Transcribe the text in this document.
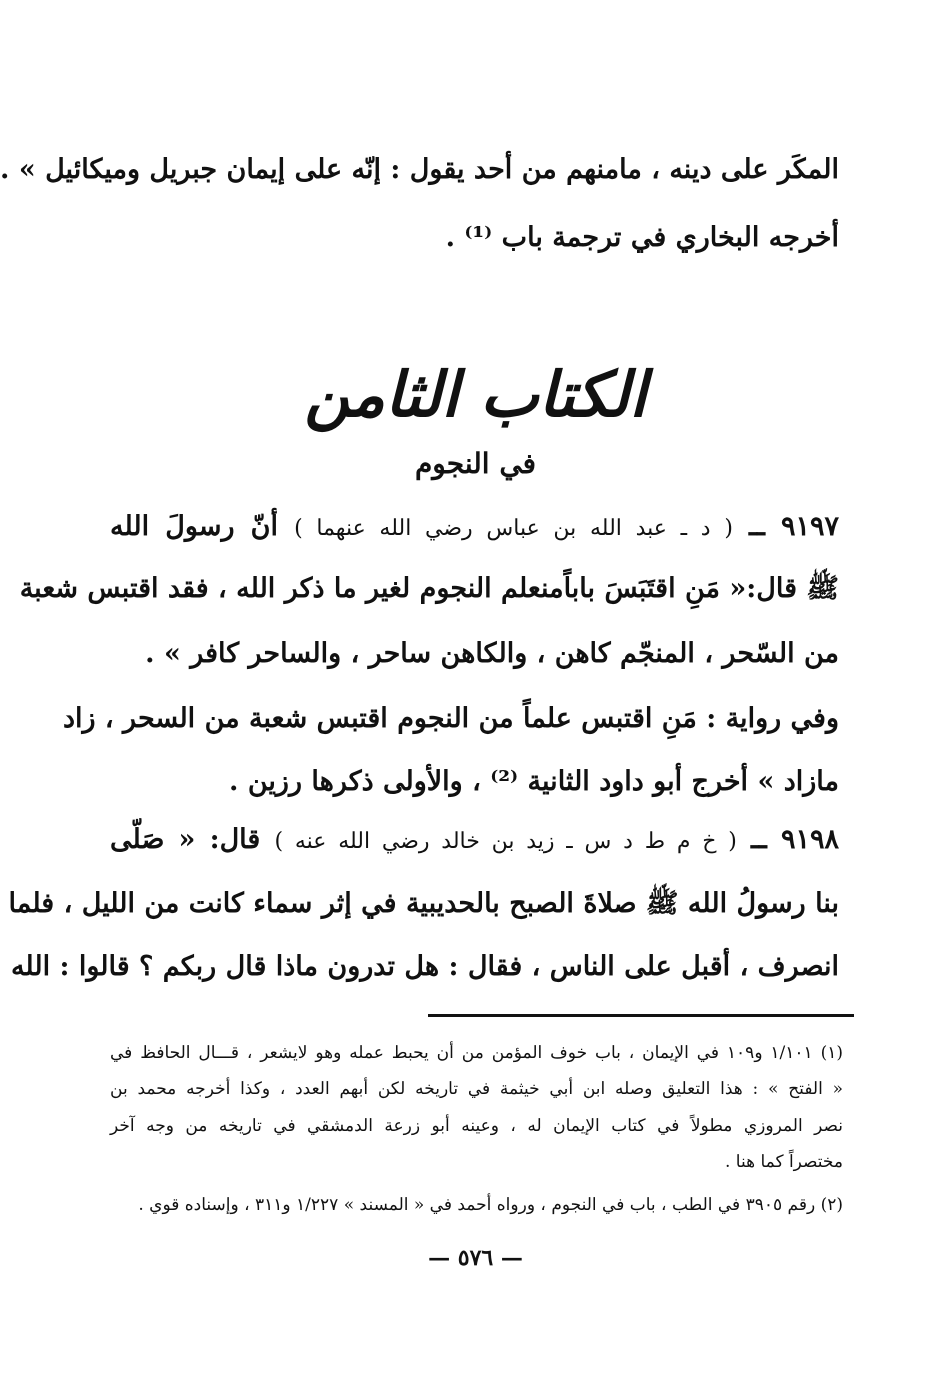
المكَر على دينه ، مامنهم من أحد يقول : إنّه على إيمان جبريل وميكائيل » .
أخرجه البخاري في ترجمة باب ⁽¹⁾ .
الكتاب الثامن
في النجوم
٩١٩٧ ــ ( د ـ عبد الله بن عباس رضي الله عنهما ) أنّ رسولَ الله
ﷺ قال:« مَنِ اقتَبَسَ باباًمنعلم النجوم لغير ما ذكر الله ، فقد اقتبس شعبة
من السّحر ، المنجّم كاهن ، والكاهن ساحر ، والساحر كافر » .
وفي رواية : مَنِ اقتبس علماً من النجوم اقتبس شعبة من السحر ، زاد
مازاد » أخرج أبو داود الثانية ⁽²⁾ ، والأولى ذكرها رزين .
٩١٩٨ ــ ( خ م ط د س ـ زيد بن خالد رضي الله عنه ) قال: « صَلّى
بنا رسولُ الله ﷺ صلاةَ الصبح بالحديبية في إثر سماء كانت من الليل ، فلما
انصرف ، أقبل على الناس ، فقال : هل تدرون ماذا قال ربكم ؟ قالوا : الله
(١) ١/١٠١ و١٠٩ في الإيمان ، باب خوف المؤمن من أن يحبط عمله وهو لايشعر ، قـــال الحافظ في
« الفتح » : هذا التعليق وصله ابن أبي خيثمة في تاريخه لكن أبهم العدد ، وكذا أخرجه محمد بن
نصر المروزي مطولاً في كتاب الإيمان له ، وعينه أبو زرعة الدمشقي في تاريخه من وجه آخر
مختصراً كما هنا .
(٢) رقم ٣٩٠٥ في الطب ، باب في النجوم ، ورواه أحمد في « المسند » ١/٢٢٧ و٣١١ ، وإسناده قوي .
— ٥٧٦ —
